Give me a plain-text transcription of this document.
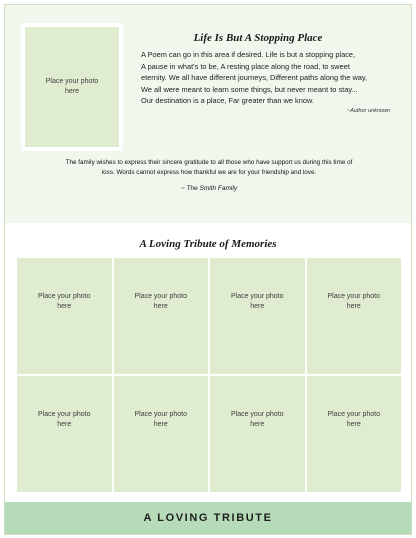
Place your photo here
Life Is But A Stopping Place
A Poem can go in this area if desired. Life is but a stopping place,
A pause in what's to be, A resting place along the road, to sweet
eternity. We all have different journeys, Different paths along the way,
We all were meant to learn some things, but never meant to stay...
Our destination is a place, Far greater than we know.
~Author unknown
The family wishes to express their sincere gratitude to all those who have support us during this time of
loss. Words cannot express how thankful we are for your friendship and love.
~ The Smith Family
A Loving Tribute of Memories
Place your photo here
Place your photo here
Place your photo here
Place your photo here
Place your photo here
Place your photo here
Place your photo here
Place your photo here
A LOVING TRIBUTE
